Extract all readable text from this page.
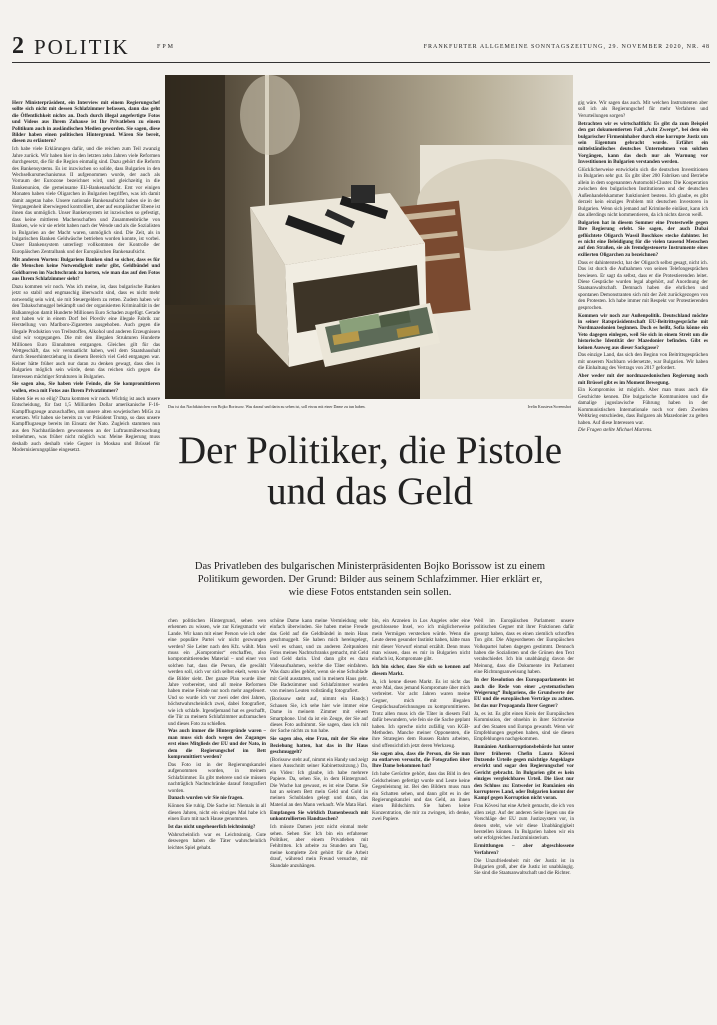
2 POLITIK	FPM	FRANKFURTER ALLGEMEINE SONNTAGSZEITUNG, 29. NOVEMBER 2020, NR. 48

Herr Ministerpräsident, ein Interview mit einem Regierungschef sollte sich nicht mit dessen Schlafzimmer befassen, dann das geht die Öffentlichkeit nichts an. Doch durch illegal angefertigte Fotos und Videos aus Ihrem Zuhause ist Ihr Privatleben zu einem Politikum auch in ausländischen Medien geworden. Sie sagen, diese Bilder haben einen politischen Hintergrund. Wären Sie bereit, diesen zu erläutern?

Ich habe viele Erklärungen dafür, und die reichen zum Teil zwanzig Jahre zurück. Wir haben hier in den letzten zehn Jahren viele Reformen durchgesetzt, die für die Region einmalig sind. Dazu gehört die Reform des Bankensystems. Es ist inzwischen so solide, dass Bulgarien in den Wechselkursmechanismus II aufgenommen wurde, der auch als Vorraum der Eurozone bezeichnet wird, und gleichzeitig in die Bankenunion, die gemeinsame EU-Bankenaufsicht. Erst vor einigen Monaten haben viele Oligarchen in Bulgarien begriffen, was ich damit damit angetan habe. Unsere nationale Bankenaufsicht haben sie in der Vergangenheit überwiegend kontrolliert, aber auf europäischer Ebene ist ihnen das unmöglich. Unser Bankensystem ist inzwischen so gefestigt, dass keine mittleren Machenschaften und Zusammenbrüche von Banken, wie wir sie erlebt haben nach der Wende und als die Sozialisten in Bulgarien an der Macht waren, unmöglich sind. Die Zeit, als in bulgarischen Banken Geldwäsche betrieben worden konnte, ist vorbei. Unser Bankensystem unterliegt vollkommen der Kontrolle der Europäischen Zentralbank und der Europäischen Bankenaufsicht.

Mit anderen Worten: Bulgariens Banken sind so sicher, dass es für die Menschen keine Notwendigkeit mehr gibt, Geldbündel und Goldbarren im Nachtschrank zu horten, wie man das auf den Fotos aus Ihrem Schlafzimmer sieht?

Dazu kommen wir noch. Was ich meine, ist, dass bulgarische Banken jetzt so stabil und engmaschig überwacht sind, dass es nicht mehr notwendig sein wird, sie mit Steuergeldern zu retten. Zudem haben wir den Tabakschmuggel bekämpft und der organisierten Kriminalität in der Balkanregion damit Hunderte Millionen Euro Schaden zugefügt. Gerade erst haben wir in einem Dorf bei Plovdiv eine illegale Fabrik zur Herstellung von Marlboro-Zigaretten ausgehoben. Auch gegen die illegale Produktion von Treibstoffen, Alkohol und anderen Erzeugnissen sind wir vorgegangen. Die mit den illegalen Strukturen Hunderte Millionen Euro Einnahmen entgangen. Gleiches gilt für das Wettgeschäft, das wir verstaatlicht haben, weil dem Staatshaushalt durch Steuerhinterziehung in diesem Bereich viel Geld entgangen war. Keiner hätte früher auch nur daran zu denken gewagt, dass dies in Bulgarien möglich sein würde, denn das reichen sich gegen die Interessen mächtiger Strukturen in Bulgarien.

Sie sagen also, Sie haben viele Feinde, die Sie kompromittieren wollen, etwa mit Fotos aus Ihrem Privatzimmer?

Haben Sie es so eilig? Dazu kommen wir noch. Wichtig ist auch unsere Entscheidung, für fast 1,5 Milliarden Dollar amerikanische F-16-Kampfflugzeuge anzuschaffen, um unsere alten sowjetischen MiGs zu ersetzen. Wir haben sie bereits zu vor Präsident Trump, so dass unsere Kampfflugzeuge bereits im Einsatz der Nato. Zugleich stammen nun aus den Nachbarländern gewonnenen an der Luftraumüberwachung teilnehmen, was früher nicht möglich war. Meine Regierung muss deshalb auch deshalb viele Gegner in Moskau und Brüssel für Modernisierungspläne eingesetzt.

gig wäre. Wir sagen das auch. Mit welchen Instrumenten aber soll ich als Regierungschef für mehr Verfahren und Verurteilungen sorgen?

Betrachten wir es wirtschaftlich: Es gibt da zum Beispiel den gut dokumentierten Fall „Acht Zwerge“, bei dem ein bulgarischer Firmeninhaber durch eine korrupte Justiz um sein Eigentum gebracht wurde. Erfährt ein mittelständisches deutsches Unternehmen von solchen Vorgängen, kann das doch nur als Warnung vor Investitionen in Bulgarien verstanden werden.

Glücklicherweise entwickeln sich die deutschen Investitionen in Bulgarien sehr gut. Es gibt über 200 Fabriken und Betriebe allein in dem sogenannten Automobil-Cluster. Die Kooperation zwischen den bulgarischen Institutionen und der deutschen Außenhandelskammer funktioniert bestens. Ich glaube, es gibt derzeit kein einziges Problem mit deutschen Investoren in Bulgarien. Wenn sich jemand auf Kriminelle einlässt, kann ich das allerdings nicht kommentieren, da ich nichts davon weiß.

Bulgarien hat in diesem Sommer eine Protestwelle gegen Ihre Regierung erlebt. Sie sagen, der auch Dubai geflüchtete Oligarch Wassil Boschkow stecke dahinter. Ist es nicht eine Beleidigung für die vielen tausend Menschen auf den Straßen, sie als fremdgesteuerte Instrumente eines exilierten Oligarchen zu bezeichnen?

Dass er dahintersteckt, hat der Oligarch selbst gesagt, nicht ich. Das ist durch die Aufnahmen von seinen Telefongesprächen bewiesen. Er sagt da selbst, dass er die Protestierenden leitet. Diese Gespräche wurden legal abgehört, auf Anordnung der Staatsanwaltschaft. Demnach haben die ehrlichen und spontanen Demonstranten sich mit der Zeit zurückgezogen von den Protesten. Ich habe immer mit Respekt vor Protestierenden gesprochen.

Kommen wir noch zur Außenpolitik. Deutschland möchte in seiner Ratspräsidentschaft EU-Beitrittsgespräche mit Nordmazedonien beginnen. Doch es heißt, Sofia könne ein Veto dagegen einlegen, weil Sie sich in einem Streit um die historische Identität der Mazedonier befinden. Gibt es keinen Ausweg aus dieser Sackgasse?

Das einzige Land, das sich den Beginn von Beitrittsgesprächen mit unserem Nachbarn widersetzte, war Bulgarien. Wir haben die Einhaltung des Vertrags von 2017 gefordert.

Aber weder mit der nordmazedonischen Regierung noch mit Brüssel gibt es im Moment Bewegung.

Ein Kompromiss ist möglich. Aber man muss auch die Geschichte kennen. Die bulgarische Kommunisten und die damalige jugoslawische Führung haben in der Kommunistischen Internationale noch vor dem Zweiten Weltkrieg entschieden, dass Bulgaren als Mazedonier zu gelten haben. Auf diese Interessen war.

Die Fragen stellte Michael Martens.

Das ist das Nachtkästchen von Bojko Borissow. Was darauf und darin zu sehen ist, soll etwas mit einer Dame zu tun haben.	Ivelin Krusteva/Screenshot
Der Politiker, die Pistole und das Geld
Das Privatleben des bulgarischen Ministerpräsidenten Bojko Borissow ist zu einem Politikum geworden. Der Grund: Bilder aus seinem Schlafzimmer. Hier erklärt er, wie diese Fotos entstanden sein sollen.

chen politischen Hintergrund, sehen wen erkennen zu wissen, wie zur Kriegsmacht wir Lande. Wir kann mit einer Person wie ich oder eine populäre Partei wir nicht gezwungen werden? Sie Leiter nach den Kfz. wählt. Man muss ein „Kompromiss“ erschaffen, also kompromittierendes Material – und einer von solchen hat, dass die Person, die gewählt werden soll, sich vor sich selbst ekelt, wenn sie die Bilder sieht. Der ganze Plan wurde über Jahre vorbereitet, und all meine Reformen haben meine Feinde nur noch mehr angefeuert. Und so wurde ich vor zwei oder drei Jahren, höchstwahrscheinlich zwei, dabei fotografiert, wie ich schlafe. Irgendjemand hat es geschafft, die Tür zu meinem Schlafzimmer aufzumachen und dieses Foto zu schießen.

Was auch immer die Hintergründe waren – man muss sich doch wegen des Zuganges erst eines Mitglieds der EU und der Nato, in dem die Regierungschef im Bett kompromittiert werden?

Das Foto ist in der Regierungskanzlei aufgenommen worden, in meinem Schlafzimmer. Es gibt mehrere und sie müssen nachträglich Nachtschränke darauf fotografiert worden.

Danach wurden wir Sie nie fragen.

Können Sie ruhig. Die Sache ist: Niemals in all diesen Jahren, nicht ein einziges Mal habe ich einen Euro mit nach Hause genommen.

Ist das nicht ungeheuerlich leichtsinnig?

Wahrscheinlich war es Leichtsinnig. Gute deswegen haben die Täter wahrscheinlich leichtes Spiel gehabt.

schöne Dame kann meine Vermieidung sehr einfach überwinden. Sie haben meine Freude das Geld auf die Geldbündel in mein Haus geschmuggelt. Sie haben mich hereingelegt, weil es schaut, und zu anderen Zeitpunkten Fotos meines Nachtschranks gemacht, mit Geld und Geld darin. Und dann gibt es dazu Videoaufnahmen, welche die Täter einfahren. Was dazu alles gehört, wenn sie eine Schublade mit Geld ausstatten, und in meinem Haus geht. Die Badezimmer und Schlafzimmer wurden von meinen Leuten vollständig fotografiert.

(Borissow steht auf, nimmt ein Handy.) Schauen Sie, ich sehe hier wie immer eine Dame in meinem Zimmer mit einem Smartphone. Und da ist ein Zeuge, der Sie auf dieses Foto aufnimmt. Sie sagen, dass ich mit der Sache nichts zu tun habe.

Sie sagen also, eine Frau, mit der Sie eine Beziehung hatten, hat das in Ihr Haus geschmuggelt?

(Borissow steht auf, nimmt ein Handy und zeigt einen Ausschnitt seiner Kabinettssitzung.) Da, ein Video: Ich glaube, ich habe mehrere Papiere. Da, sehen Sie, in dem Hintergrund. Die Wache hat gewusst, es ist eine Dame. Sie hat an seinem Bett mein Geld und Gold in meinen Schubladen gelegt und dann, das Material an den Mann verkauft. Wie Mata Hari.

Empfangen Sie wirklich Damenbesuch mit unkontrollierten Handtaschen?

Ich müsste Damen jetzt nicht einmal mehr sehen. Sehen Sie: Ich bin ein erfahrener Politiker, aber einem Privatleben mit Fehltritten. Ich arbeite zu Stunden am Tag, meine komplette Zeit gehört für die Arbeit drauf, während mein Freund versuchte, mir Skandale anzuhängen.

bin, ein Arzneien in Los Angeles oder eine geschlossene Insel, wo ich möglicherweise mein Vermögen verstecken würde. Wenn die Leute deren gesunder Instinkt haben, hätte man mir dieser Vorwurf einmal erzählt. Denn muss man wissen, dass es mir in Bulgarien nicht einfach ist, Kompromate gibt.

Ich bin sicher, dass Sie sich so kennen auf diesem Markt.

Ja, ich kenne diesen Markt. Es ist nicht das erste Mal, dass jemand Kompromate über mich verbreitet. Vor acht Jahren waren meine Gegner, mich mit illegalen Gesprächsaufzeichnungen zu kompromittieren. Trotz allen muss ich die Täter in diesem Fall dafür bewundern, wie fein sie die Sache geplant haben. Ich spreche nicht zufällig von KGB-Methoden. Manche meiner Opponenten, die ihre Strategien dem Russen Rahm arbeiten, sind offensichtlich jetzt deren Werkzeug.

Sie sagen also, dass die Person, die Sie nun zu entlarven versucht, die Fotografien über Ihre Dame bekommen hat?

Ich habe Gerüchte gehört, dass das Bild in den Geldscheinen gefertigt wurde und Leute keine Gegenleistung ist. Bei den Bildern muss man ein Schatten sehen, und dann gibt es in der Regierungskanzlei und das Geld, an ihnen einen Bildschirm. Sie haben keine Konzentration, die mir zu zwingen, ich denke, zwei Papiere.

Weil im Europäischen Parlament unsere politischen Gegner mit ihrer Fraktionen dafür gesorgt haben, dass es einen ziemlich schroffen Ton gibt. Die Abgeordneten der Europäischen Volkspartei haben dagegen gestimmt. Dennoch haben die Sozialisten und die Grünen den Text verabschiedet. Ich bin unabhängig davon der Meinung, dass die Dokumente im Parlament eine Richtungsanweisung haben.

In der Resolution des Europaparlaments ist auch die Rede von einer „systematischen Weigerung“ Bulgariens, die Grundwerte der EU und die europäischen Verträge zu achten. Ist das nur Propaganda Ihrer Gegner?

Ja, es ist. Es gibt einen Kreis der Europäischen Kommission, der ohnehin in ihrer Sichtweise auf den Staaten und Europa gewandt. Wenn wir Empfehlungen gegeben haben, sind sie diesen Empfehlungen nachgekommen.

Rumänien Antikorruptionsbehörde hat unter ihrer früheren Chefin Laura Kövesi Dutzende Urteile gegen mächtige Angeklagte erwirkt und sogar den Regierungschef vor Gericht gebracht. In Bulgarien gibt es kein einziges vergleichbares Urteil. Die lässt nur den Schluss zu: Entweder ist Rumänien ein korrupteres Land, oder Bulgarien kommt der Kampf gegen Korruption nicht voran.

Frau Kövesi hat eine Arbeit gemacht, die ich von allen zeigt. Auf der anderen Seite liegen uns die Vorschläge der EU zum Justizsystem vor, in denen steht, wie wir diese Unabhängigkeit herstellen können. In Bulgarien haben wir ein sehr erfolgreiches Justizministerium.

Ermittlungen – aber abgeschlossene Verfahren?

Die Unzufriedenheit mit der Justiz ist in Bulgarien groß, aber die Justiz ist unabhängig. Sie sind die Staatsanwaltschaft und die Richter.
